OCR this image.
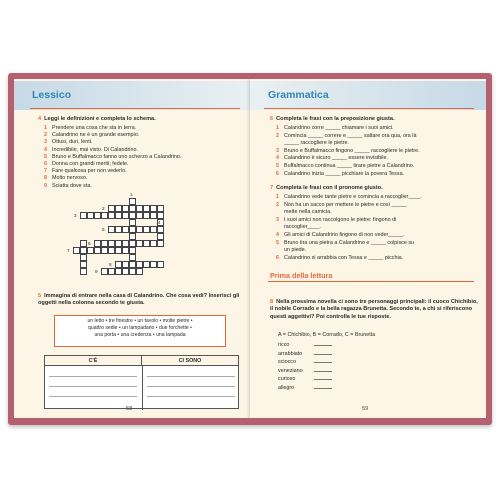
Lessico
4 Leggi le definizioni e completa lo schema.
1 Prendere una cosa che sta in terra.
2 Calandrino ne è un grande esempio.
3 Ottusi, duri, lenti.
4 Incredibile, mai visto. Di Calandrino.
5 Bruno e Buffalmacco fanno uno scherzo a Calandrino.
6 Donna con grandi meriti; fedele.
7 Fare qualcosa per non vederlo.
8 Molto nervoso.
9 Sciatta dove sta.
1
2
3
4
5
6
7
8
9
5 Immagina di entrare nella casa di Calandrino. Che cosa vedi? Inserisci gli oggetti nella colonna secondo te giusta.
un letto • tre finestre • un tavolo • molte pietre •
quattro sedie • un lampadario • due forchette •
una porta • una credenza • una lampada
C'È	CI SONO
58
Grammatica
6 Completa le frasi con la preposizione giusta.
1 Calandrino corre _____ chiamare i suoi amici.
2 Comincia _____ correre e _____ saltare ora qua, ora là
_____ raccogliere le pietre.
3 Bruno e Buffalmacco fingono _____ raccogliere le pietre.
4 Calandrino è sicuro _____ essere invisibile.
5 Buffalmacco continua _____ tirare pietre a Calandrino.
6 Calandrino inizia _____ picchiare la povera Tessa.
7 Completa le frasi con il pronome giusto.
1 Calandrino vede tante pietre e comincia a raccoglier____.
2 Non ha un sacco per mettere le pietre e così _____
mette nella camicia.
3 I suoi amici non raccolgono le pietre: fingono di
raccoglier____.
4 Gli amici di Calandrino fingono di non veder_____.
5 Bruno tira una pietra a Calandrino e _____ colpisce su
un piede.
6 Calandrino si arrabbia con Tessa e _____ picchia.
Prima della lettura
8 Nella prossima novella ci sono tre personaggi principali: il cuoco Chichibio, il nobile Corrado e la bella ragazza Brunetta. Secondo te, a chi si riferiscono questi aggettivi? Poi controlla le tue risposte.
A = Chichibio, B = Corrado, C = Brunetta
ricco
arrabbiato
sciocco
veneziano
curioso
allegro
59
